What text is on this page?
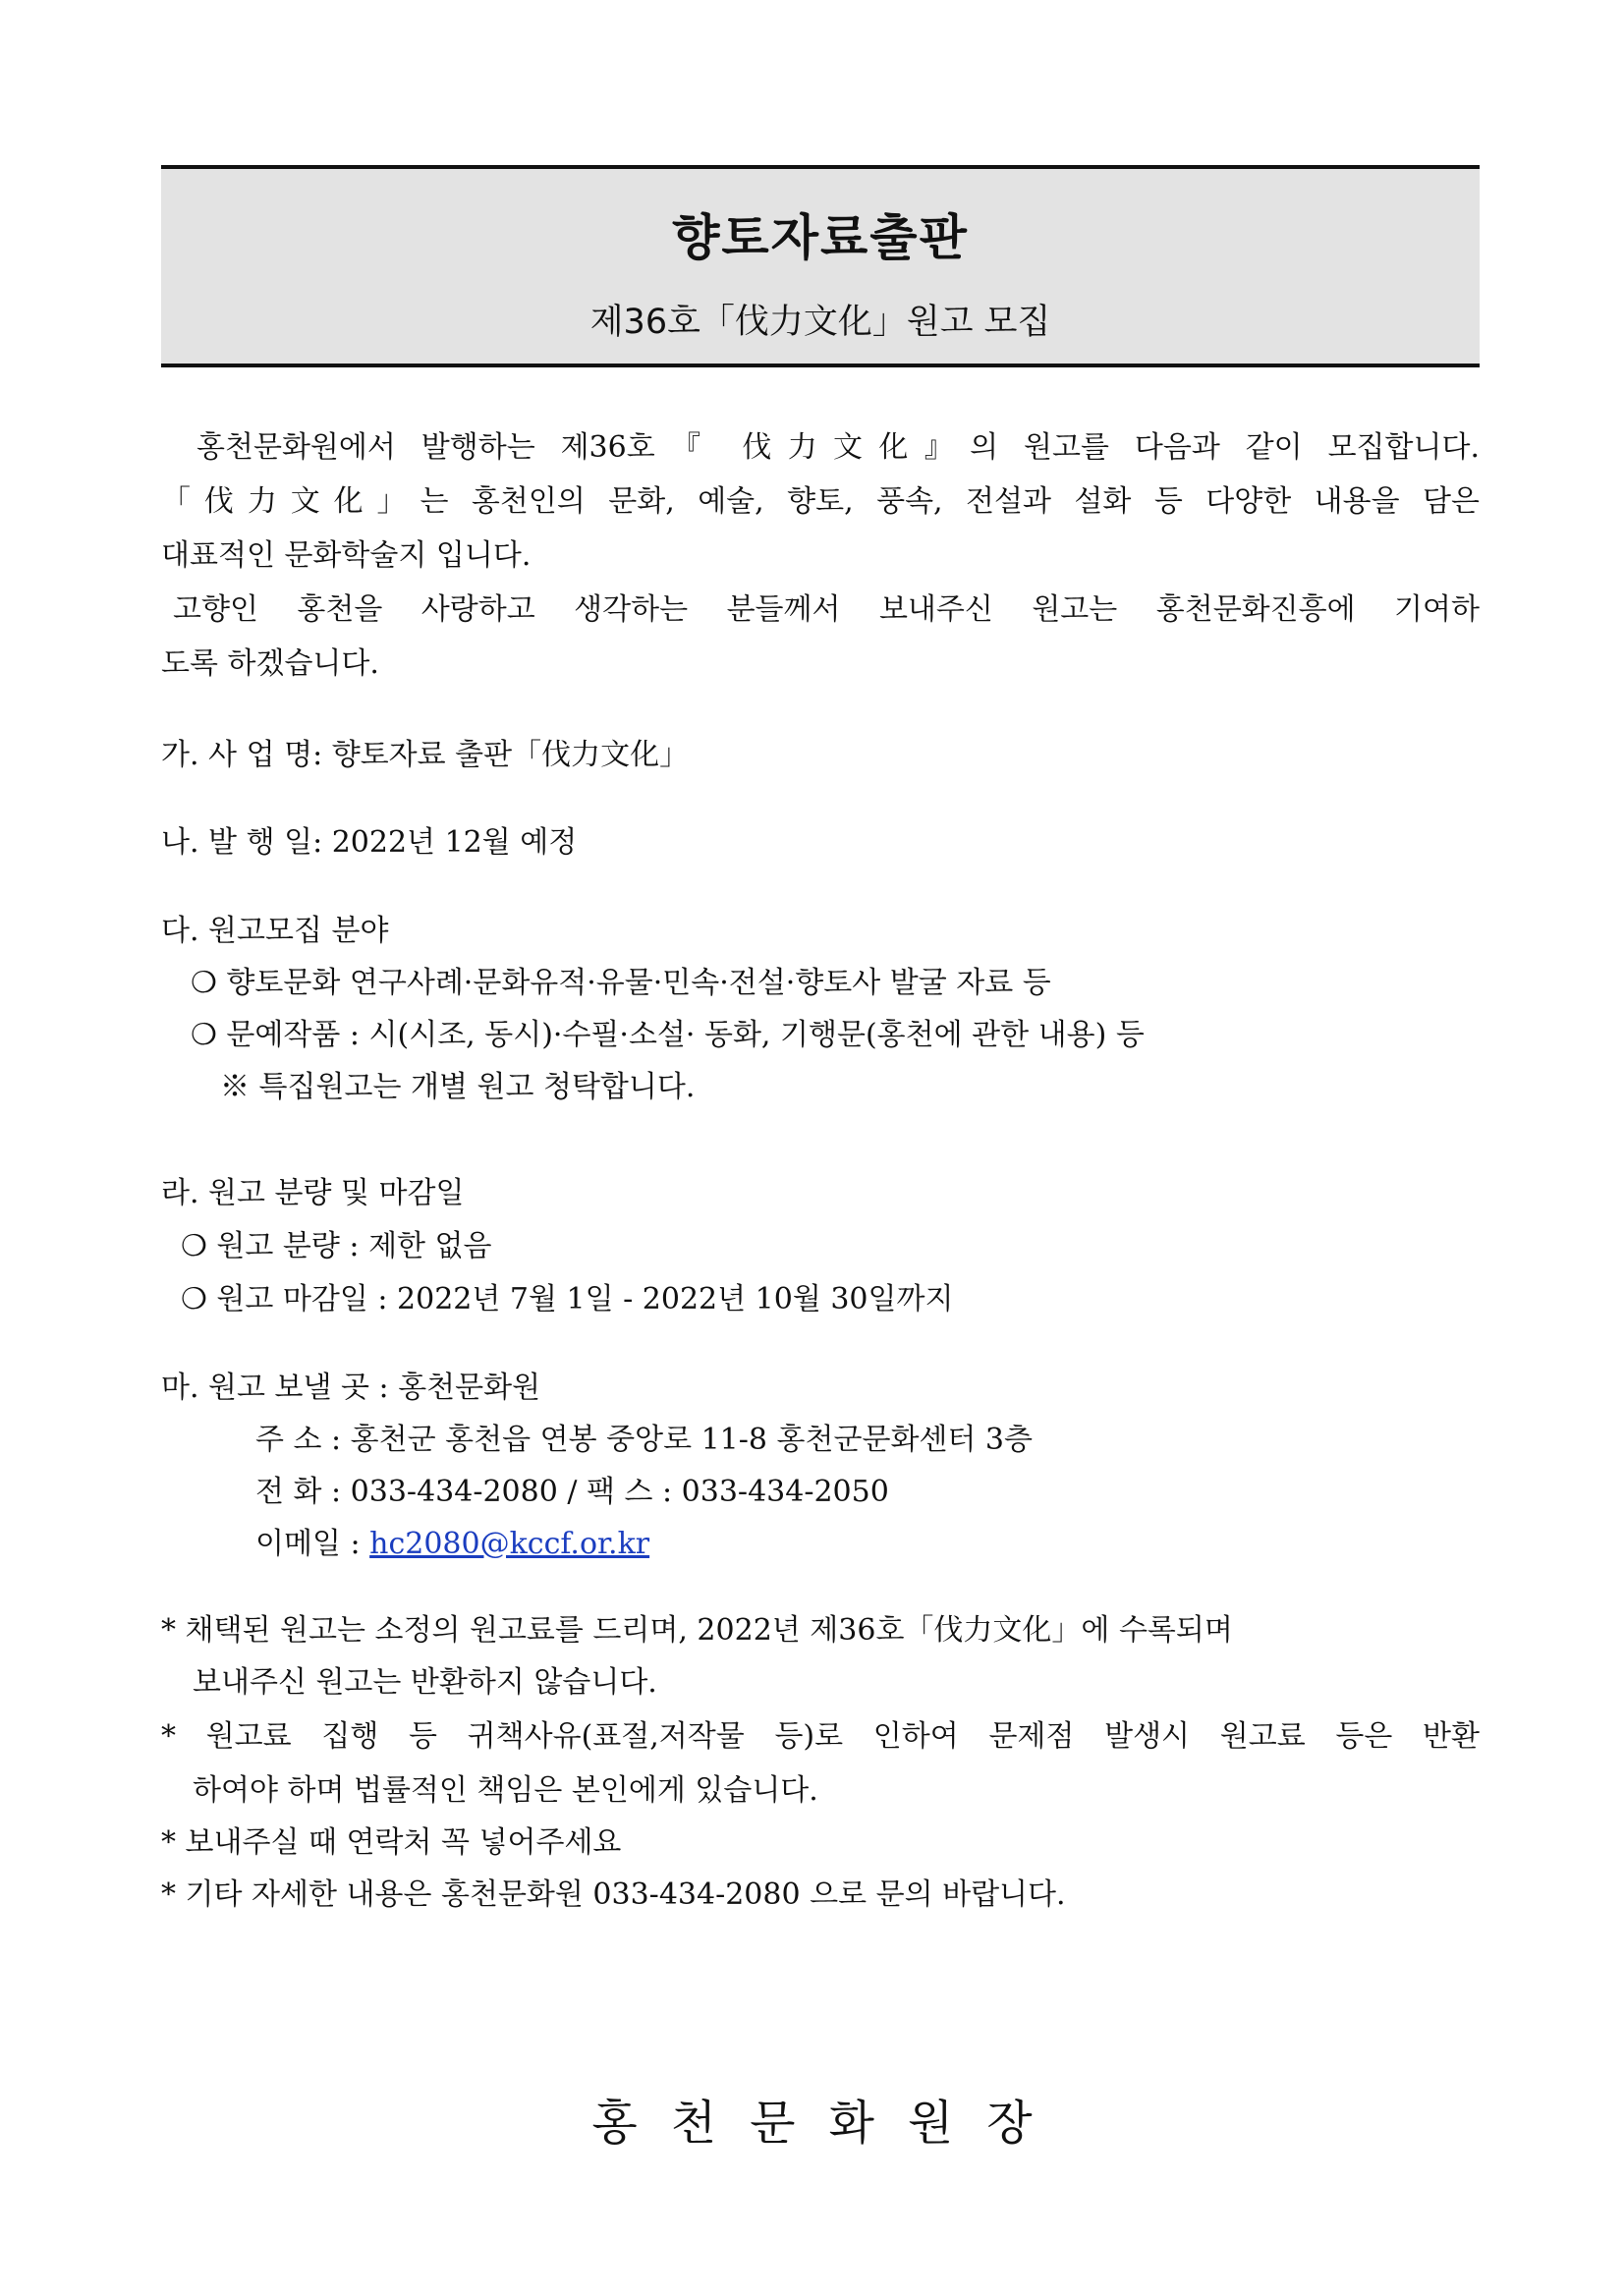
향토자료출판
제36호「伐力文化」원고 모집
홍천문화원에서 발행하는 제36호『 伐力文化』의 원고를 다음과 같이 모집합니다.
「伐力文化」는 홍천인의 문화, 예술, 향토, 풍속, 전설과 설화 등 다양한 내용을 담은
대표적인 문화학술지 입니다.
고향인 홍천을 사랑하고 생각하는 분들께서 보내주신 원고는 홍천문화진흥에 기여하
도록 하겠습니다.
가. 사 업 명: 향토자료 출판「伐力文化」
나. 발 행 일: 2022년 12월 예정
다. 원고모집 분야
❍ 향토문화 연구사례·문화유적·유물·민속·전설·향토사 발굴 자료 등
❍ 문예작품 : 시(시조, 동시)·수필·소설· 동화, 기행문(홍천에 관한 내용) 등
※ 특집원고는 개별 원고 청탁합니다.
라. 원고 분량 및 마감일
❍ 원고 분량 : 제한 없음
❍ 원고 마감일 : 2022년 7월 1일 - 2022년 10월 30일까지
마. 원고 보낼 곳 : 홍천문화원
주 소 : 홍천군 홍천읍 연봉 중앙로 11-8 홍천군문화센터 3층
전 화 : 033-434-2080 / 팩 스 : 033-434-2050
이메일 : hc2080@kccf.or.kr
* 채택된 원고는 소정의 원고료를 드리며, 2022년 제36호「伐力文化」에 수록되며
보내주신 원고는 반환하지 않습니다.
* 원고료 집행 등 귀책사유(표절,저작물 등)로 인하여 문제점 발생시 원고료 등은 반환
하여야 하며 법률적인 책임은 본인에게 있습니다.
* 보내주실 때 연락처 꼭 넣어주세요
* 기타 자세한 내용은 홍천문화원 033-434-2080 으로 문의 바랍니다.
홍천문화원장
